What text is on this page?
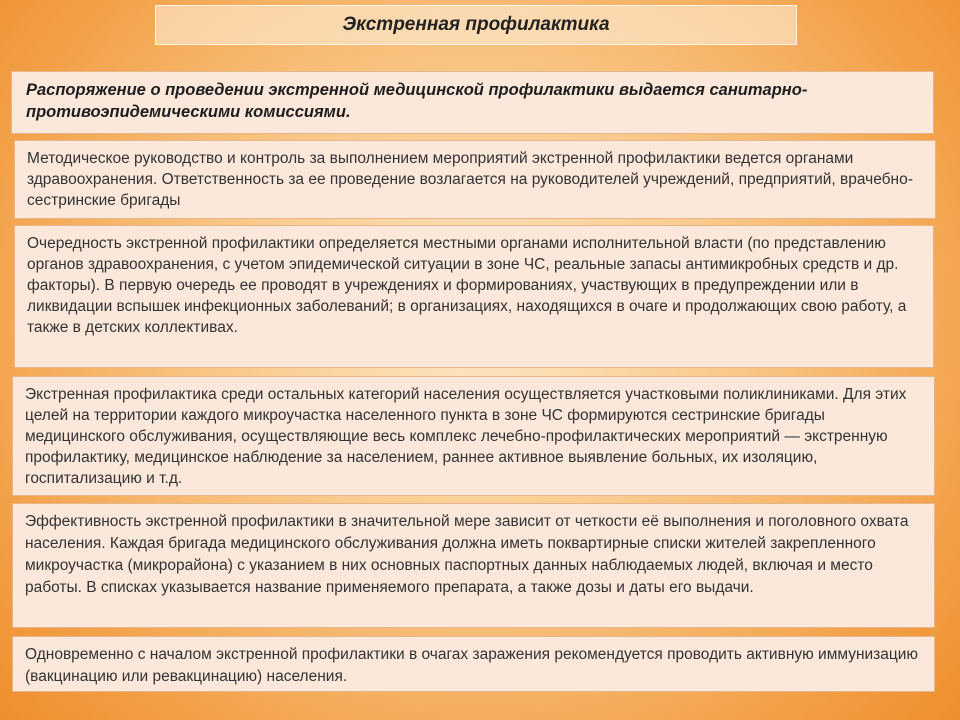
Экстренная профилактика

Распоряжение о проведении экстренной медицинской профилактики выдается санитарно-противоэпидемическими комиссиями.

Методическое руководство и контроль за выполнением мероприятий экстренной профилактики ведется органами здравоохранения. Ответственность за ее проведение возлагается на руководителей учреждений, предприятий, врачебно-сестринские бригады

Очередность экстренной профилактики определяется местными органами исполнительной власти (по представлению органов здравоохранения, с учетом эпидемической ситуации в зоне ЧС, реальные запасы антимикробных средств и др. факторы). В первую очередь ее проводят в учреждениях и формированиях, участвующих в предупреждении или в ликвидации вспышек инфекционных заболеваний; в организациях, находящихся в очаге и продолжающих свою работу, а также в детских коллективах.

Экстренная профилактика среди остальных категорий населения осуществляется участковыми поликлиниками. Для этих целей на территории каждого микроучастка населенного пункта в зоне ЧС формируются сестринские бригады медицинского обслуживания, осуществляющие весь комплекс лечебно-профилактических мероприятий — экстренную профилактику, медицинское наблюдение за населением, раннее активное выявление больных, их изоляцию, госпитализацию и т.д.

Эффективность экстренной профилактики в значительной мере зависит от четкости её выполнения и поголовного охвата населения. Каждая бригада медицинского обслуживания должна иметь поквартирные списки жителей закрепленного микроучастка (микрорайона) с указанием в них основных паспортных данных наблюдаемых людей, включая и место работы. В списках указывается название применяемого препарата, а также дозы и даты его выдачи.

Одновременно с началом экстренной профилактики в очагах заражения рекомендуется проводить активную иммунизацию (вакцинацию или ревакцинацию) населения.
